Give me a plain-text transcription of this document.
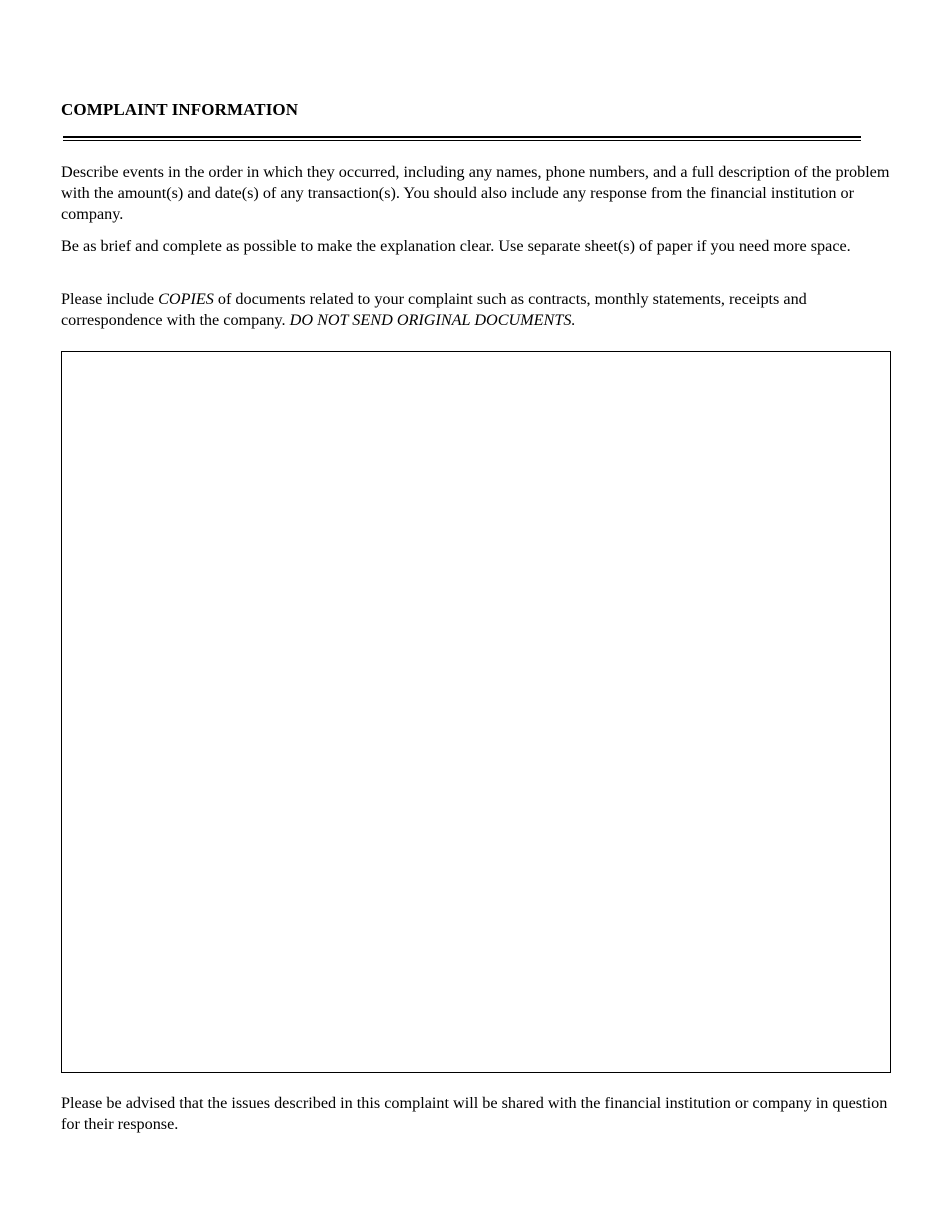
COMPLAINT INFORMATION

Describe events in the order in which they occurred, including any names, phone numbers, and a full description of the problem with the amount(s) and date(s) of any transaction(s). You should also include any response from the financial institution or company.

Be as brief and complete as possible to make the explanation clear. Use separate sheet(s) of paper if you need more space.

Please include COPIES of documents related to your complaint such as contracts, monthly statements, receipts and correspondence with the company. DO NOT SEND ORIGINAL DOCUMENTS.

Please be advised that the issues described in this complaint will be shared with the financial institution or company in question for their response.
